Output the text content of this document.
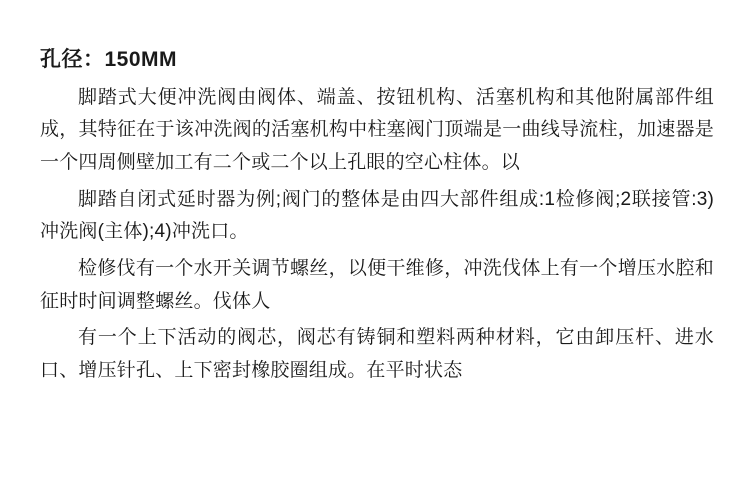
孔径：150MM

脚踏式大便冲洗阀由阀体、端盖、按钮机构、活塞机构和其他附属部件组成，其特征在于该冲洗阀的活塞机构中柱塞阀门顶端是一曲线导流柱，加速器是一个四周侧壁加工有二个或二个以上孔眼的空心柱体。以

脚踏自闭式延时器为例;阀门的整体是由四大部件组成:1检修阀;2联接管:3)冲洗阀(主体);4)冲洗口。

检修伐有一个水开关调节螺丝，以便干维修，冲洗伐体上有一个增压水腔和征时时间调整螺丝。伐体人

有一个上下活动的阀芯，阀芯有铸铜和塑料两种材料，它由卸压杆、进水口、增压针孔、上下密封橡胶圈组成。在平时状态
